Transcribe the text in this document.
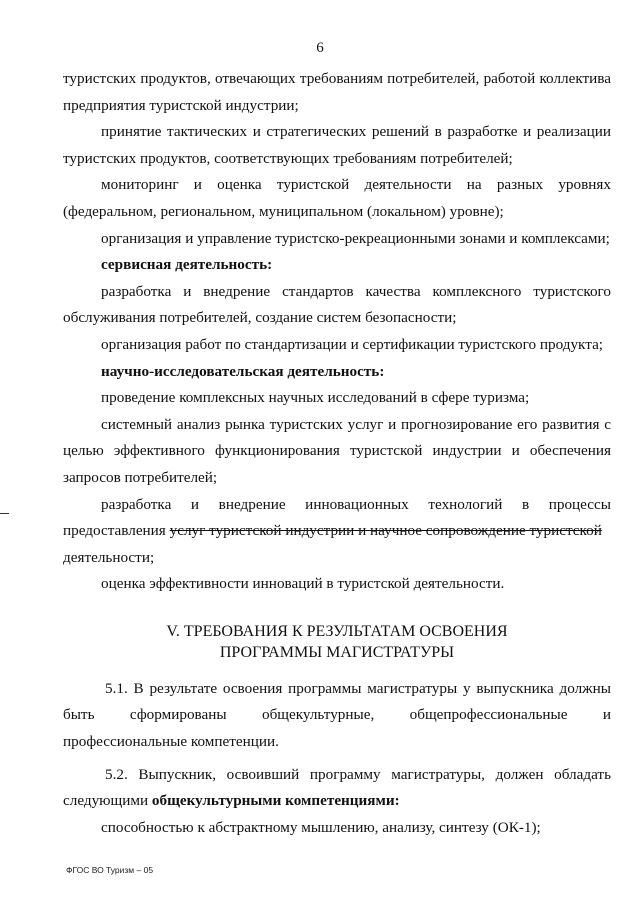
6

туристских продуктов, отвечающих требованиям потребителей, работой коллектива предприятия туристской индустрии;

принятие тактических и стратегических решений в разработке и реализации туристских продуктов, соответствующих требованиям потребителей;

мониторинг и оценка туристской деятельности на разных уровнях (федеральном, региональном, муниципальном (локальном) уровне);

организация и управление туристско-рекреационными зонами и комплексами;

сервисная деятельность:

разработка и внедрение стандартов качества комплексного туристского обслуживания потребителей, создание систем безопасности;

организация работ по стандартизации и сертификации туристского продукта;

научно-исследовательская деятельность:

проведение комплексных научных исследований в сфере туризма;

системный анализ рынка туристских услуг и прогнозирование его развития с целью эффективного функционирования туристской индустрии и обеспечения запросов потребителей;

разработка и внедрение инновационных технологий в процессы

предоставления услуг туристской индустрии и научное сопровождение туристской

деятельности;

оценка эффективности инноваций в туристской деятельности.

V. ТРЕБОВАНИЯ К РЕЗУЛЬТАТАМ ОСВОЕНИЯ
ПРОГРАММЫ МАГИСТРАТУРЫ

5.1. В результате освоения программы магистратуры у выпускника должны быть сформированы общекультурные, общепрофессиональные и профессиональные компетенции.

5.2. Выпускник, освоивший программу магистратуры, должен обладать следующими общекультурными компетенциями:

способностью к абстрактному мышлению, анализу, синтезу (ОК-1);

ФГОС ВО Туризм – 05
